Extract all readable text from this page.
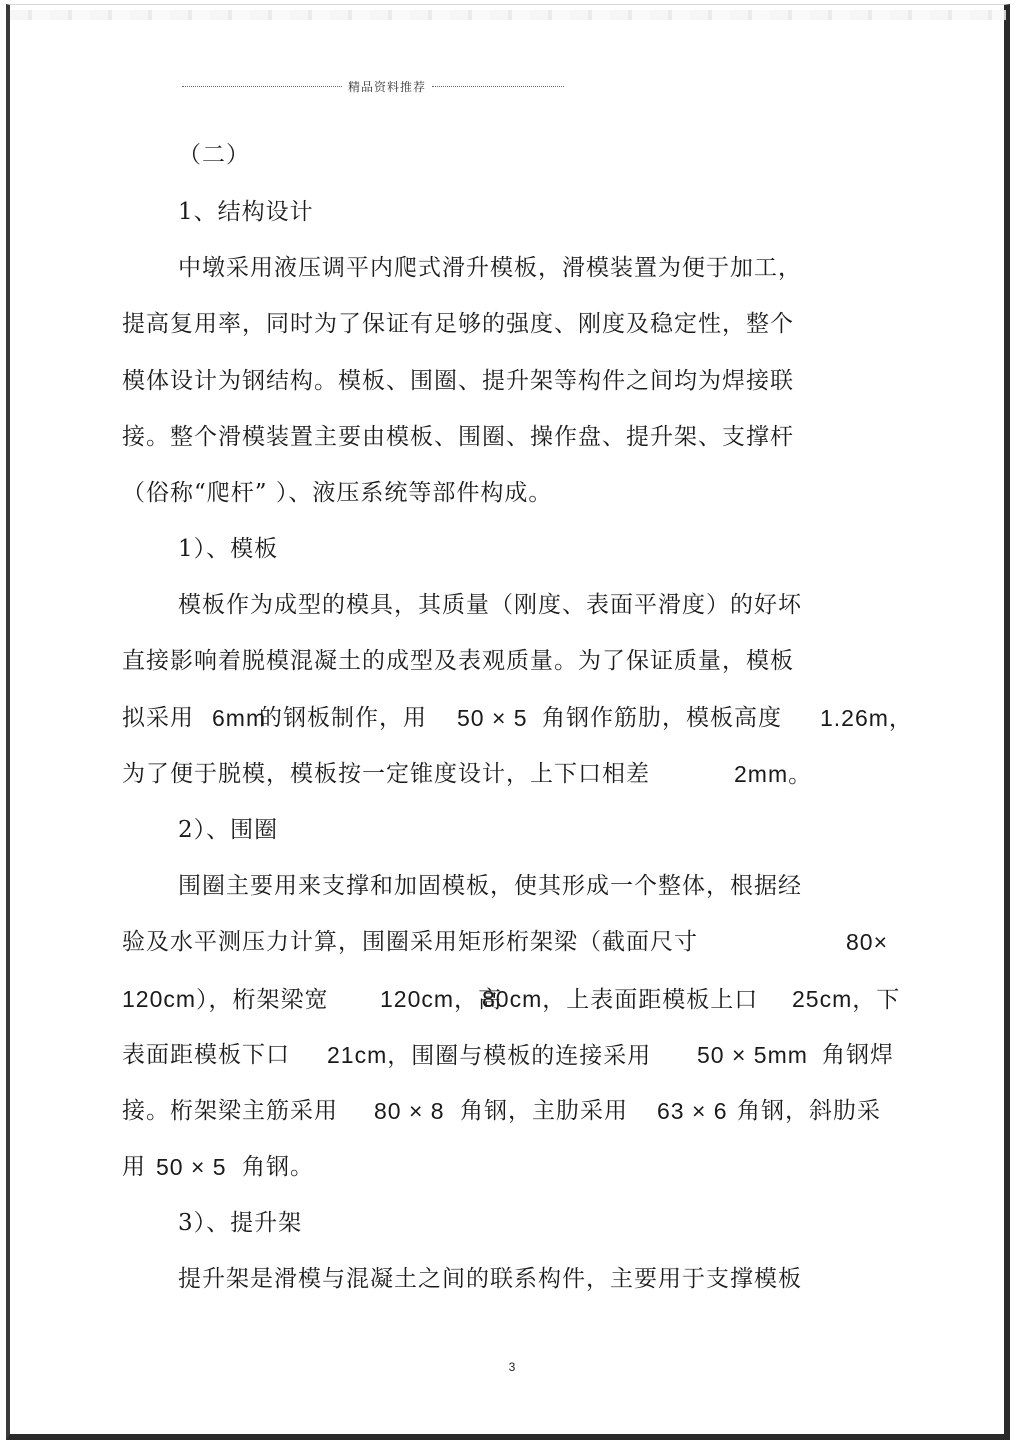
精品资料推荐
（二）
1、结构设计
中墩采用液压调平内爬式滑升模板，滑模装置为便于加工，
提高复用率，同时为了保证有足够的强度、刚度及稳定性，整个
模体设计为钢结构。模板、围圈、提升架等构件之间均为焊接联
接。整个滑模装置主要由模板、围圈、操作盘、提升架、支撑杆
（俗称“爬杆” ）、液压系统等部件构成。
1）、模板
模板作为成型的模具，其质量（刚度、表面平滑度）的好坏
直接影响着脱模混凝土的成型及表观质量。为了保证质量，模板
拟采用 6mm
的钢板制作，用 50 × 5 角钢作筋肋，模板高度 1.26m，
为了便于脱模，模板按一定锥度设计，上下口相差	2mm。
2）、围圈
围圈主要用来支撑和加固模板，使其形成一个整体，根据经
验及水平测压力计算，围圈采用矩形桁架梁（截面尺寸	80×
120cm），桁架梁宽 120cm，高
80cm，上表面距模板上口 25cm，下
表面距模板下口 21cm，围圈与模板的连接采用 50 × 5mm 角钢焊
接。桁架梁主筋采用 80 × 8 角钢，主肋采用 63 × 6 角钢，斜肋采
用 50 × 5 角钢。
3）、提升架
提升架是滑模与混凝土之间的联系构件，主要用于支撑模板
3
